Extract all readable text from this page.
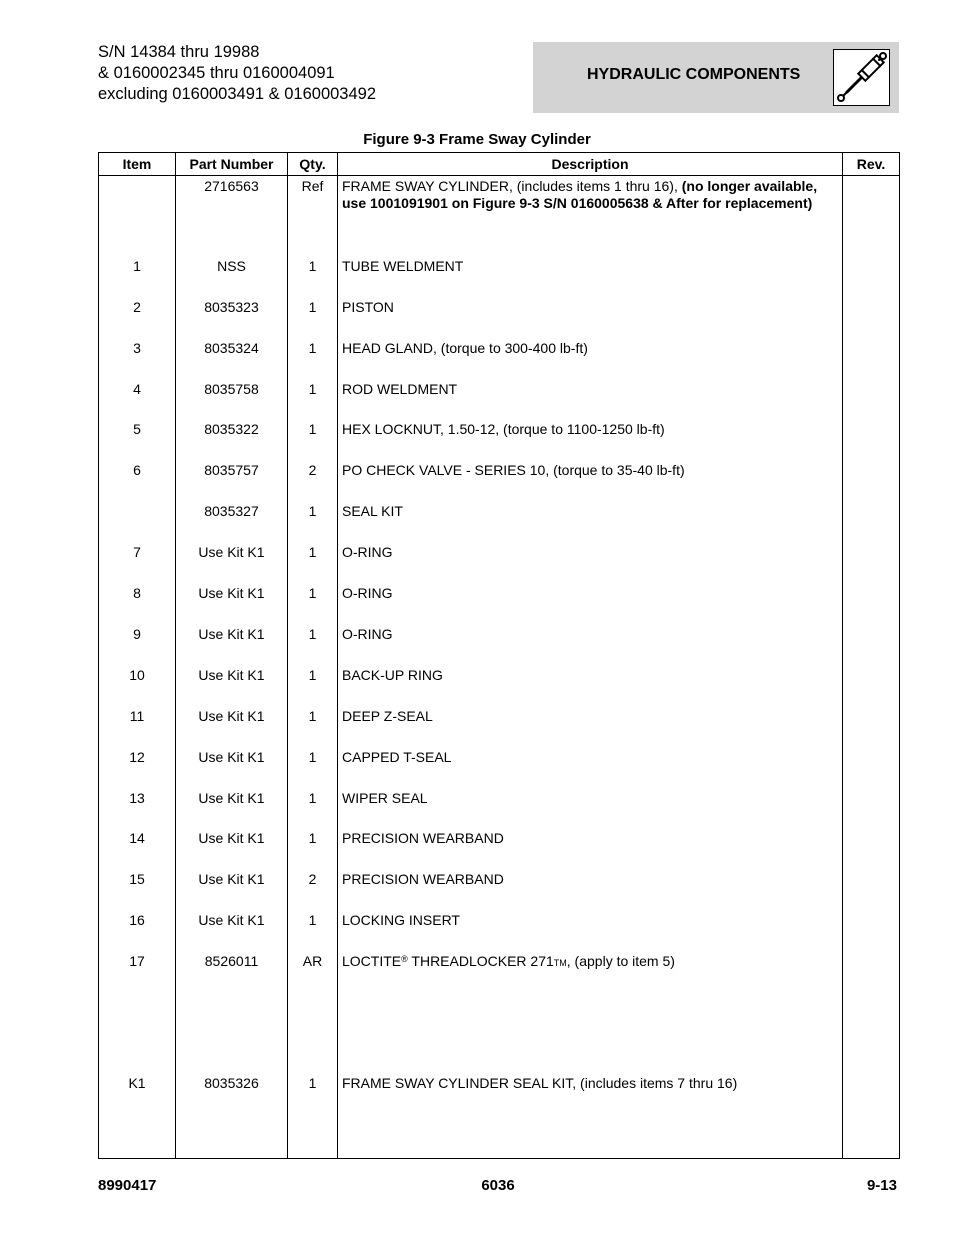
S/N 14384 thru 19988
& 0160002345 thru 0160004091
excluding 0160003491 & 0160003492
HYDRAULIC COMPONENTS
Figure 9-3 Frame Sway Cylinder
Item	Part Number	Qty.	Description	Rev.
	2716563	Ref	FRAME SWAY CYLINDER, (includes items 1 thru 16), (no longer available, use 1001091901 on Figure 9-3 S/N 0160005638 & After for replacement)	
1	NSS	1	TUBE WELDMENT	
2	8035323	1	PISTON	
3	8035324	1	HEAD GLAND, (torque to 300-400 lb-ft)	
4	8035758	1	ROD WELDMENT	
5	8035322	1	HEX LOCKNUT, 1.50-12, (torque to 1100-1250 lb-ft)	
6	8035757	2	PO CHECK VALVE - SERIES 10, (torque to 35-40 lb-ft)	
	8035327	1	SEAL KIT	
7	Use Kit K1	1	O-RING	
8	Use Kit K1	1	O-RING	
9	Use Kit K1	1	O-RING	
10	Use Kit K1	1	BACK-UP RING	
11	Use Kit K1	1	DEEP Z-SEAL	
12	Use Kit K1	1	CAPPED T-SEAL	
13	Use Kit K1	1	WIPER SEAL	
14	Use Kit K1	1	PRECISION WEARBAND	
15	Use Kit K1	2	PRECISION WEARBAND	
16	Use Kit K1	1	LOCKING INSERT	
17	8526011	AR	LOCTITE® THREADLOCKER 271TM, (apply to item 5)	

K1	8035326	1	FRAME SWAY CYLINDER SEAL KIT, (includes items 7 thru 16)	

8990417	6036	9-13
